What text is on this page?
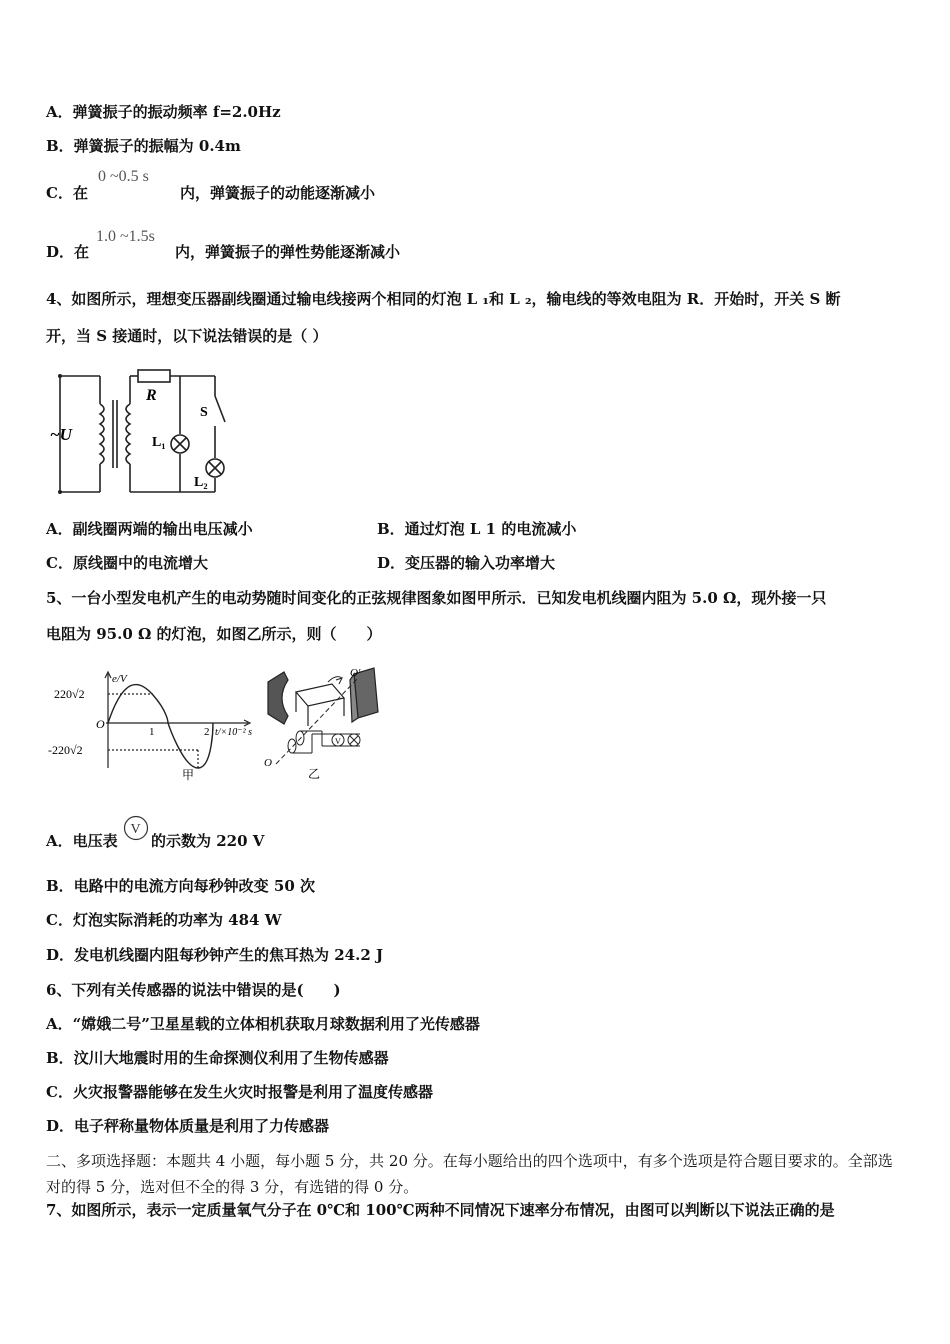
A．弹簧振子的振动频率 f=2.0Hz
B．弹簧振子的振幅为 0.4m
C．在
0 ~0.5 s
内，弹簧振子的动能逐渐减小
D．在
1.0 ~1.5s
内，弹簧振子的弹性势能逐渐减小
4、如图所示，理想变压器副线圈通过输电线接两个相同的灯泡 L ₁和 L ₂，输电线的等效电阻为 R．开始时，开关 S 断
开，当 S 接通时，以下说法错误的是（ ）
~U
R
S
L₁
L₂
A．副线圈两端的输出电压减小	B．通过灯泡 L 1 的电流减小
C．原线圈中的电流增大	D．变压器的输入功率增大
5、一台小型发电机产生的电动势随时间变化的正弦规律图象如图甲所示．已知发电机线圈内阻为 5.0 Ω，现外接一只
电阻为 95.0 Ω 的灯泡，如图乙所示，则（　　）
e/V
220√2
-220√2
O
1	2 t/×10⁻² s
甲
V
O′
O
乙
A．电压表
V
的示数为 220 V
B．电路中的电流方向每秒钟改变 50 次
C．灯泡实际消耗的功率为 484 W
D．发电机线圈内阻每秒钟产生的焦耳热为 24.2 J
6、下列有关传感器的说法中错误的是(　　)
A．“嫦娥二号”卫星星载的立体相机获取月球数据利用了光传感器
B．汶川大地震时用的生命探测仪利用了生物传感器
C．火灾报警器能够在发生火灾时报警是利用了温度传感器
D．电子秤称量物体质量是利用了力传感器
二、多项选择题：本题共 4 小题，每小题 5 分，共 20 分。在每小题给出的四个选项中，有多个选项是符合题目要求的。全部选对的得 5 分，选对但不全的得 3 分，有选错的得 0 分。
7、如图所示，表示一定质量氧气分子在 0℃和 100℃两种不同情况下速率分布情况，由图可以判断以下说法正确的是
